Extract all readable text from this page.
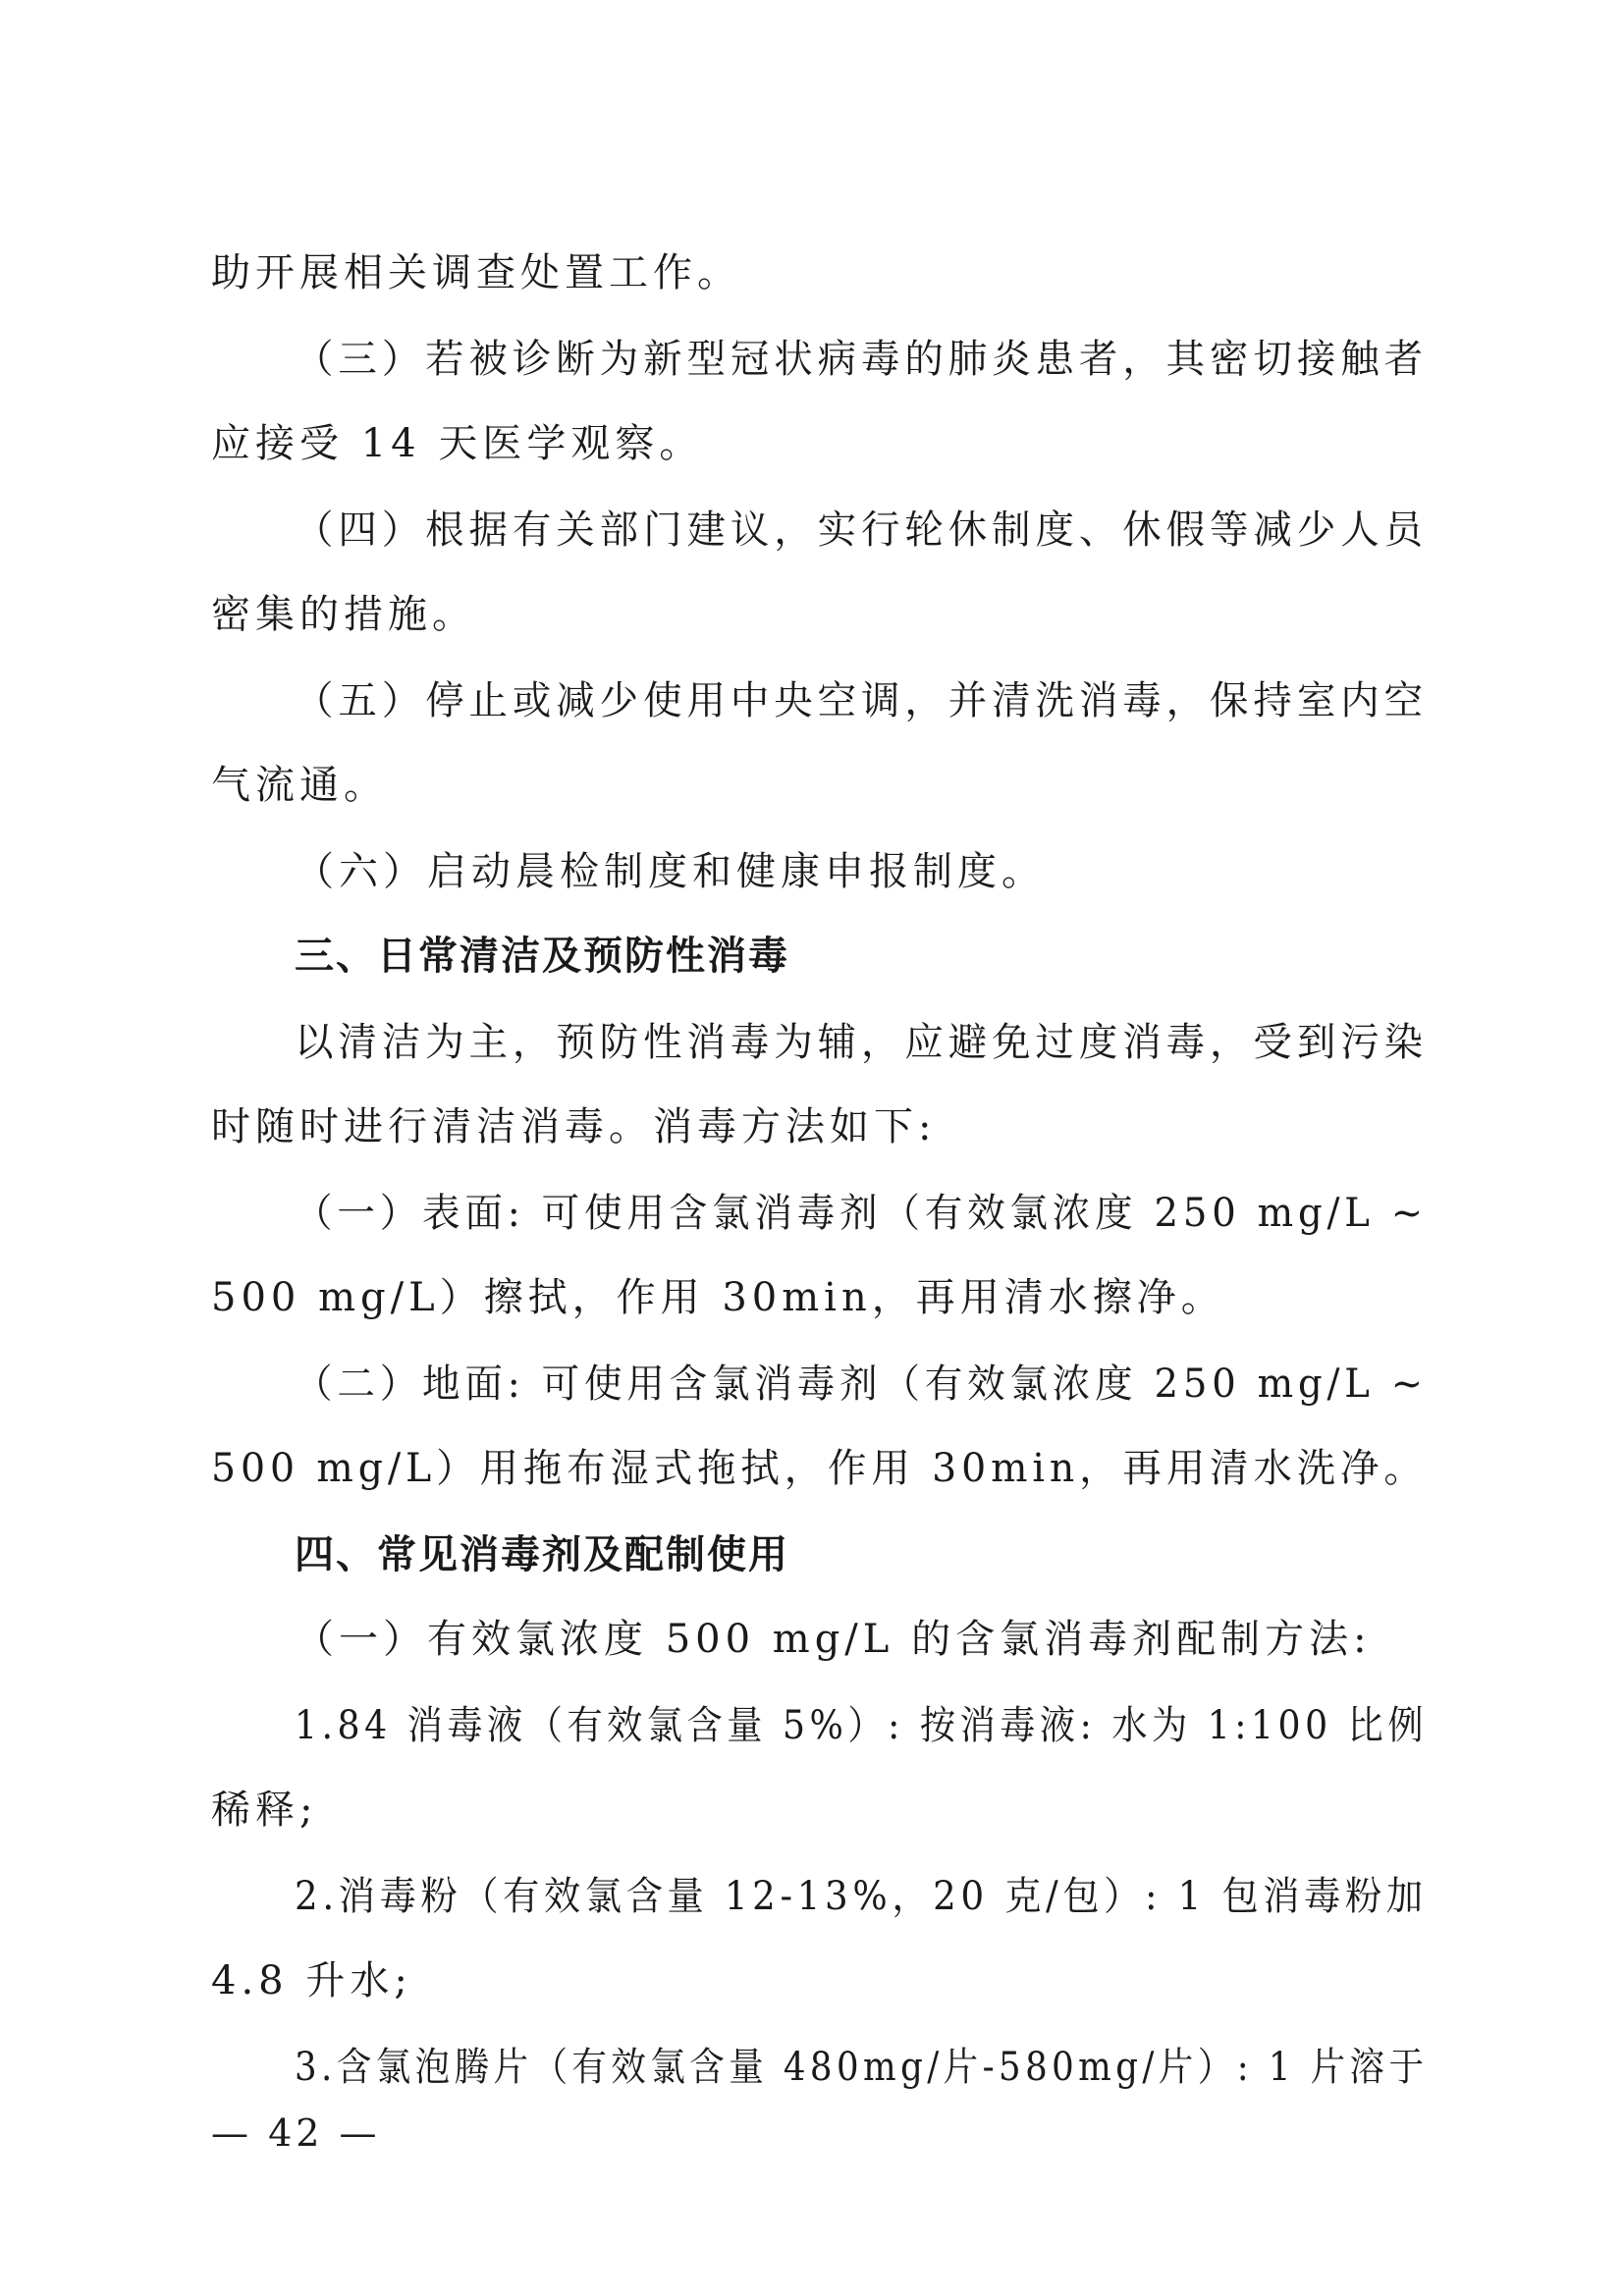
助开展相关调查处置工作。
（三）若被诊断为新型冠状病毒的肺炎患者，其密切接触者
应接受 14 天医学观察。
（四）根据有关部门建议，实行轮休制度、休假等减少人员
密集的措施。
（五）停止或减少使用中央空调，并清洗消毒，保持室内空
气流通。
（六）启动晨检制度和健康申报制度。
三、日常清洁及预防性消毒
以清洁为主，预防性消毒为辅，应避免过度消毒，受到污染
时随时进行清洁消毒。消毒方法如下:
（一）表面: 可使用含氯消毒剂（有效氯浓度 250 mg/L ~
500 mg/L）擦拭，作用 30min，再用清水擦净。
（二）地面: 可使用含氯消毒剂（有效氯浓度 250 mg/L ~
500 mg/L）用拖布湿式拖拭，作用 30min，再用清水洗净。
四、常见消毒剂及配制使用
（一）有效氯浓度 500 mg/L 的含氯消毒剂配制方法:
1.84 消毒液（有效氯含量 5%）: 按消毒液: 水为 1:100 比例
稀释;
2.消毒粉（有效氯含量 12-13%，20 克/包）: 1 包消毒粉加
4.8 升水;
3.含氯泡腾片（有效氯含量 480mg/片-580mg/片）: 1 片溶于
— 42 —
